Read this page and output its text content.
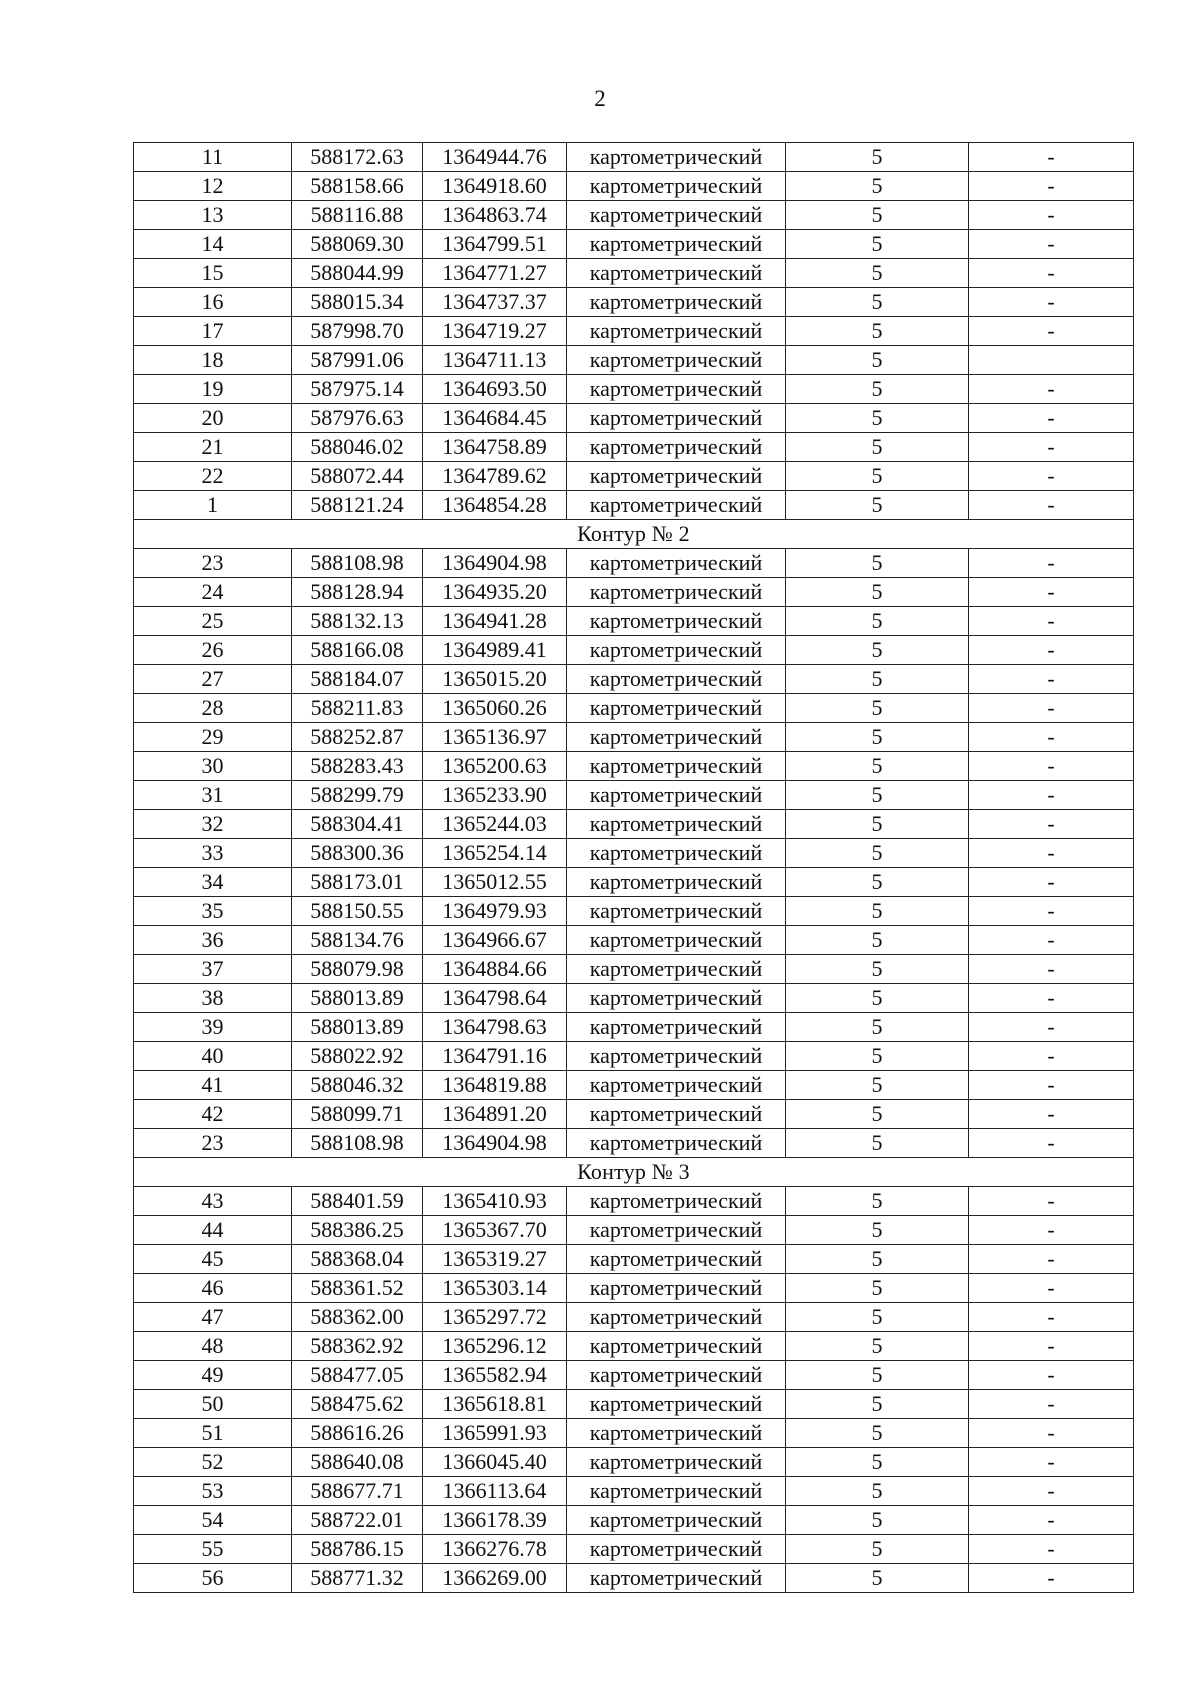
2
11	588172.63	1364944.76	картометрический	5	-
12	588158.66	1364918.60	картометрический	5	-
13	588116.88	1364863.74	картометрический	5	-
14	588069.30	1364799.51	картометрический	5	-
15	588044.99	1364771.27	картометрический	5	-
16	588015.34	1364737.37	картометрический	5	-
17	587998.70	1364719.27	картометрический	5	-
18	587991.06	1364711.13	картометрический	5	
19	587975.14	1364693.50	картометрический	5	-
20	587976.63	1364684.45	картометрический	5	-
21	588046.02	1364758.89	картометрический	5	-
22	588072.44	1364789.62	картометрический	5	-
1	588121.24	1364854.28	картометрический	5	-
Контур № 2					
23	588108.98	1364904.98	картометрический	5	-
24	588128.94	1364935.20	картометрический	5	-
25	588132.13	1364941.28	картометрический	5	-
26	588166.08	1364989.41	картометрический	5	-
27	588184.07	1365015.20	картометрический	5	-
28	588211.83	1365060.26	картометрический	5	-
29	588252.87	1365136.97	картометрический	5	-
30	588283.43	1365200.63	картометрический	5	-
31	588299.79	1365233.90	картометрический	5	-
32	588304.41	1365244.03	картометрический	5	-
33	588300.36	1365254.14	картометрический	5	-
34	588173.01	1365012.55	картометрический	5	-
35	588150.55	1364979.93	картометрический	5	-
36	588134.76	1364966.67	картометрический	5	-
37	588079.98	1364884.66	картометрический	5	-
38	588013.89	1364798.64	картометрический	5	-
39	588013.89	1364798.63	картометрический	5	-
40	588022.92	1364791.16	картометрический	5	-
41	588046.32	1364819.88	картометрический	5	-
42	588099.71	1364891.20	картометрический	5	-
23	588108.98	1364904.98	картометрический	5	-
Контур № 3					
43	588401.59	1365410.93	картометрический	5	-
44	588386.25	1365367.70	картометрический	5	-
45	588368.04	1365319.27	картометрический	5	-
46	588361.52	1365303.14	картометрический	5	-
47	588362.00	1365297.72	картометрический	5	-
48	588362.92	1365296.12	картометрический	5	-
49	588477.05	1365582.94	картометрический	5	-
50	588475.62	1365618.81	картометрический	5	-
51	588616.26	1365991.93	картометрический	5	-
52	588640.08	1366045.40	картометрический	5	-
53	588677.71	1366113.64	картометрический	5	-
54	588722.01	1366178.39	картометрический	5	-
55	588786.15	1366276.78	картометрический	5	-
56	588771.32	1366269.00	картометрический	5	-
